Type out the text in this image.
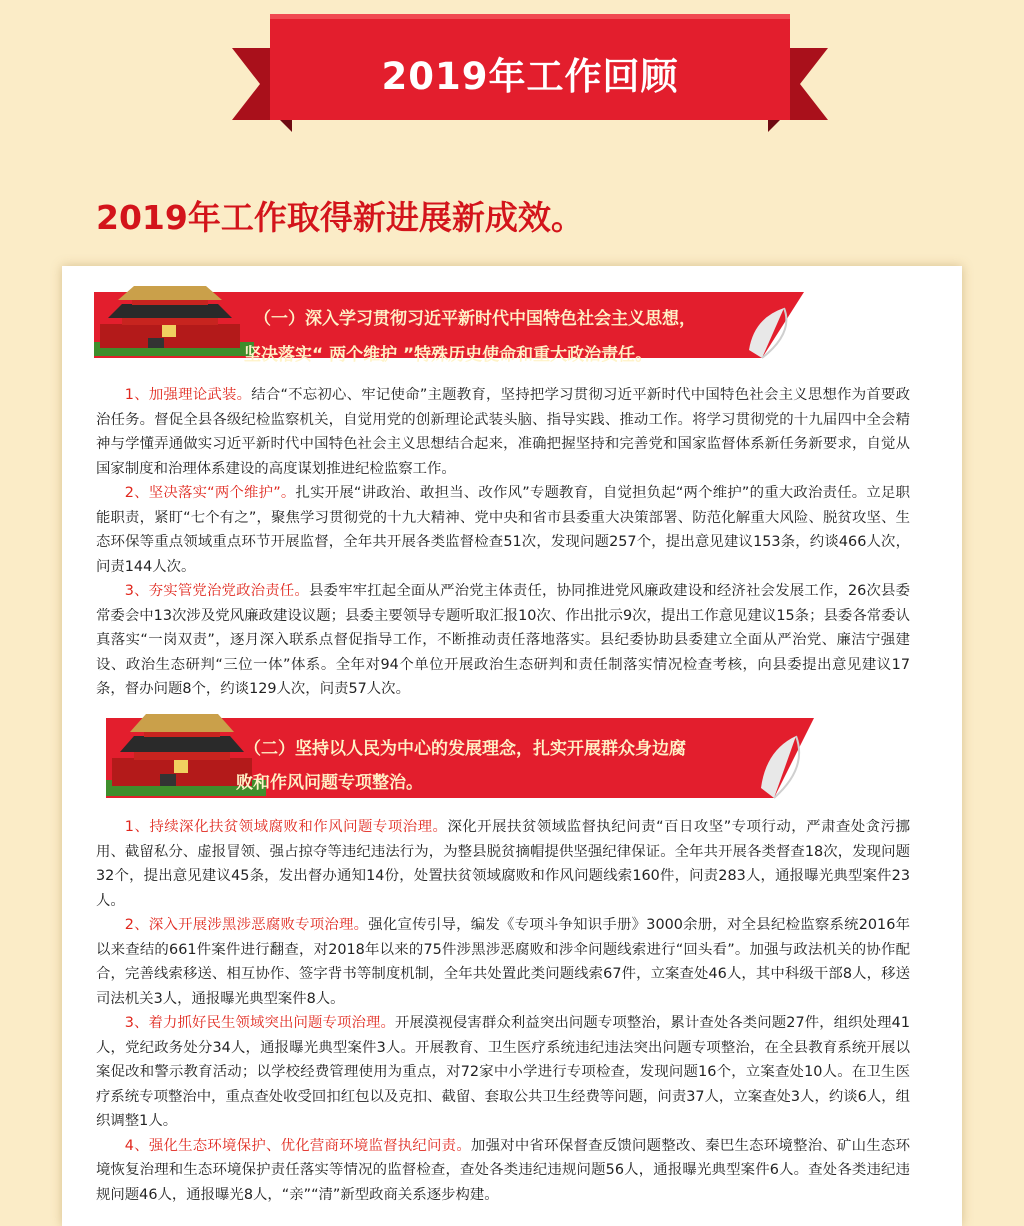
2019年工作回顾
2019年工作取得新进展新成效。
（一）深入学习贯彻习近平新时代中国特色社会主义思想，
坚决落实“ 两个维护 ”特殊历史使命和重大政治责任。

1、加强理论武装。结合“不忘初心、牢记使命”主题教育，坚持把学习贯彻习近平新时代中国特色社会主义思想作为首要政治任务。督促全县各级纪检监察机关，自觉用党的创新理论武装头脑、指导实践、推动工作。将学习贯彻党的十九届四中全会精神与学懂弄通做实习近平新时代中国特色社会主义思想结合起来，准确把握坚持和完善党和国家监督体系新任务新要求，自觉从国家制度和治理体系建设的高度谋划推进纪检监察工作。

2、坚决落实“两个维护”。扎实开展“讲政治、敢担当、改作风”专题教育，自觉担负起“两个维护”的重大政治责任。立足职能职责，紧盯“七个有之”，聚焦学习贯彻党的十九大精神、党中央和省市县委重大决策部署、防范化解重大风险、脱贫攻坚、生态环保等重点领域重点环节开展监督，全年共开展各类监督检查51次，发现问题257个，提出意见建议153条，约谈466人次，问责144人次。

3、夯实管党治党政治责任。县委牢牢扛起全面从严治党主体责任，协同推进党风廉政建设和经济社会发展工作，26次县委常委会中13次涉及党风廉政建设议题；县委主要领导专题听取汇报10次、作出批示9次，提出工作意见建议15条；县委各常委认真落实“一岗双责”，逐月深入联系点督促指导工作，不断推动责任落地落实。县纪委协助县委建立全面从严治党、廉洁宁强建设、政治生态研判“三位一体”体系。全年对94个单位开展政治生态研判和责任制落实情况检查考核，向县委提出意见建议17条，督办问题8个，约谈129人次，问责57人次。

（二）坚持以人民为中心的发展理念，扎实开展群众身边腐
败和作风问题专项整治。

1、持续深化扶贫领域腐败和作风问题专项治理。深化开展扶贫领域监督执纪问责“百日攻坚”专项行动，严肃查处贪污挪用、截留私分、虚报冒领、强占掠夺等违纪违法行为，为整县脱贫摘帽提供坚强纪律保证。全年共开展各类督查18次，发现问题32个，提出意见建议45条，发出督办通知14份，处置扶贫领域腐败和作风问题线索160件，问责283人，通报曝光典型案件23人。

2、深入开展涉黑涉恶腐败专项治理。强化宣传引导，编发《专项斗争知识手册》3000余册，对全县纪检监察系统2016年以来查结的661件案件进行翻查，对2018年以来的75件涉黑涉恶腐败和涉伞问题线索进行“回头看”。加强与政法机关的协作配合，完善线索移送、相互协作、签字背书等制度机制，全年共处置此类问题线索67件，立案查处46人，其中科级干部8人，移送司法机关3人，通报曝光典型案件8人。

3、着力抓好民生领域突出问题专项治理。开展漠视侵害群众利益突出问题专项整治，累计查处各类问题27件，组织处理41人，党纪政务处分34人，通报曝光典型案件3人。开展教育、卫生医疗系统违纪违法突出问题专项整治，在全县教育系统开展以案促改和警示教育活动；以学校经费管理使用为重点，对72家中小学进行专项检查，发现问题16个，立案查处10人。在卫生医疗系统专项整治中，重点查处收受回扣红包以及克扣、截留、套取公共卫生经费等问题，问责37人，立案查处3人，约谈6人，组织调整1人。

4、强化生态环境保护、优化营商环境监督执纪问责。加强对中省环保督查反馈问题整改、秦巴生态环境整治、矿山生态环境恢复治理和生态环境保护责任落实等情况的监督检查，查处各类违纪违规问题56人，通报曝光典型案件6人。查处各类违纪违规问题46人，通报曝光8人，“亲”“清”新型政商关系逐步构建。
